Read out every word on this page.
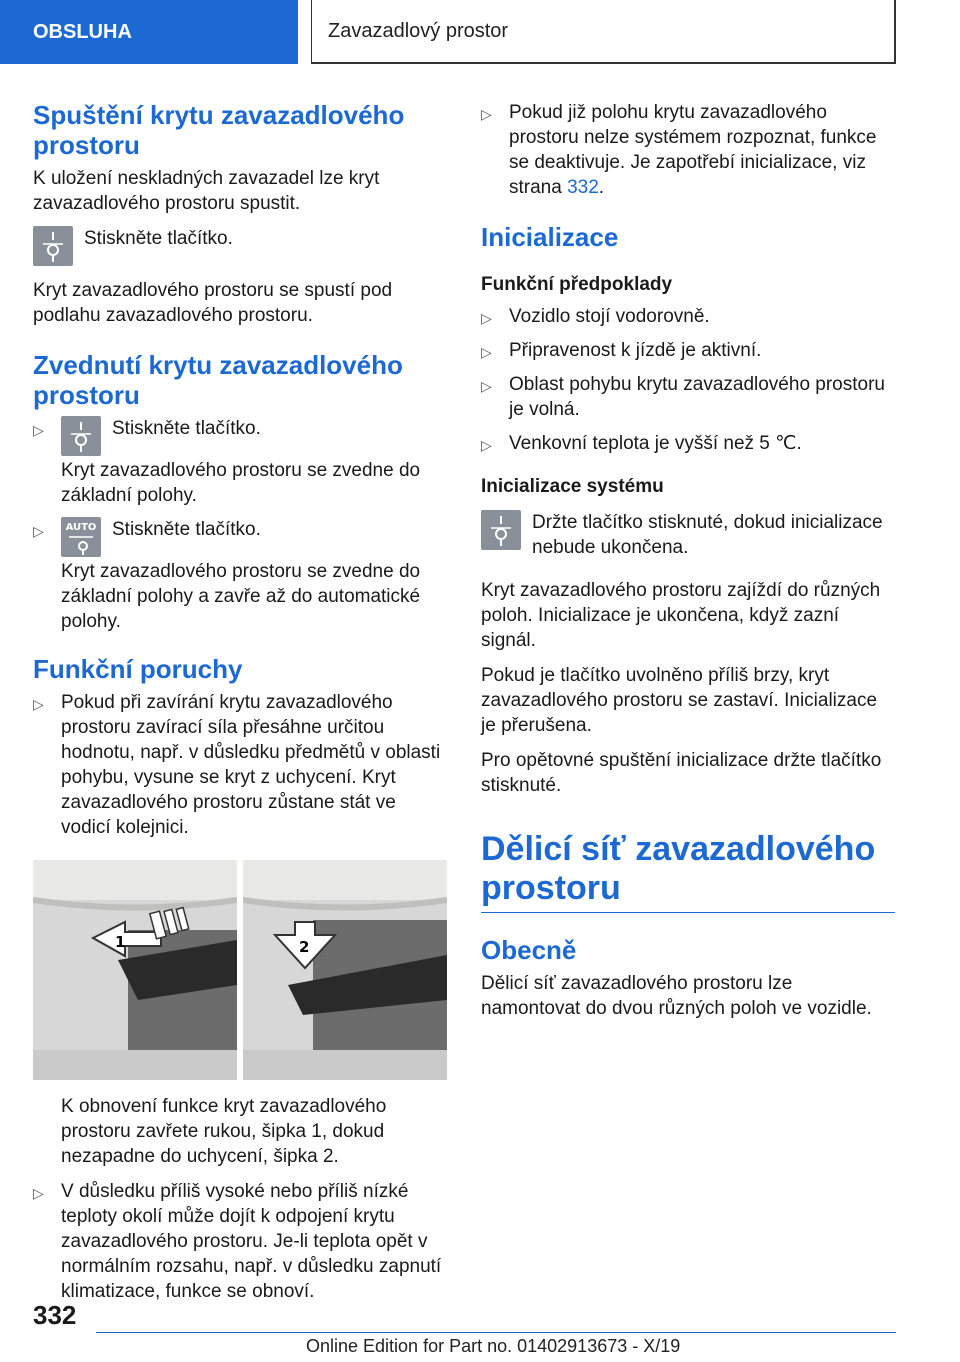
OBSLUHA	Zavazadlový prostor
Spuštění krytu zavazadlového prostoru

K uložení neskladných zavazadel lze kryt zavazadlového prostoru spustit.

Stiskněte tlačítko.

Kryt zavazadlového prostoru se spustí pod podlahu zavazadlového prostoru.

Zvednutí krytu zavazadlového prostoru
▷	Stiskněte tlačítko.
Kryt zavazadlového prostoru se zvedne do základní polohy.
▷ AUTO Stiskněte tlačítko.
Kryt zavazadlového prostoru se zvedne do základní polohy a zavře až do automatické polohy.
Funkční poruchy
▷ Pokud při zavírání krytu zavazadlového prostoru zavírací síla přesáhne určitou hodnotu, např. v důsledku předmětů v oblasti pohybu, vysune se kryt z uchycení. Kryt zavazadlového prostoru zůstane stát ve vodicí kolejnici.
1	2

K obnovení funkce kryt zavazadlového prostoru zavřete rukou, šipka 1, dokud nezapadne do uchycení, šipka 2.

▷ V důsledku příliš vysoké nebo příliš nízké teploty okolí může dojít k odpojení krytu zavazadlového prostoru. Je-li teplota opět v normálním rozsahu, např. v důsledku zapnutí klimatizace, funkce se obnoví.
▷ Pokud již polohu krytu zavazadlového prostoru nelze systémem rozpoznat, funkce se deaktivuje. Je zapotřebí inicializace, viz strana 332.
Inicializace
Funkční předpoklady
▷ Vozidlo stojí vodorovně.
▷ Připravenost k jízdě je aktivní.
▷ Oblast pohybu krytu zavazadlového prostoru je volná.
▷ Venkovní teplota je vyšší než 5 ℃.
Inicializace systému

Držte tlačítko stisknuté, dokud inicializace nebude ukončena.

Kryt zavazadlového prostoru zajíždí do různých poloh. Inicializace je ukončena, když zazní signál.

Pokud je tlačítko uvolněno příliš brzy, kryt zavazadlového prostoru se zastaví. Inicializace je přerušena.

Pro opětovné spuštění inicializace držte tlačítko stisknuté.

Dělicí síť zavazadlového prostoru
Obecně

Dělicí síť zavazadlového prostoru lze namontovat do dvou různých poloh ve vozidle.

332
Online Edition for Part no. 01402913673 - X/19
